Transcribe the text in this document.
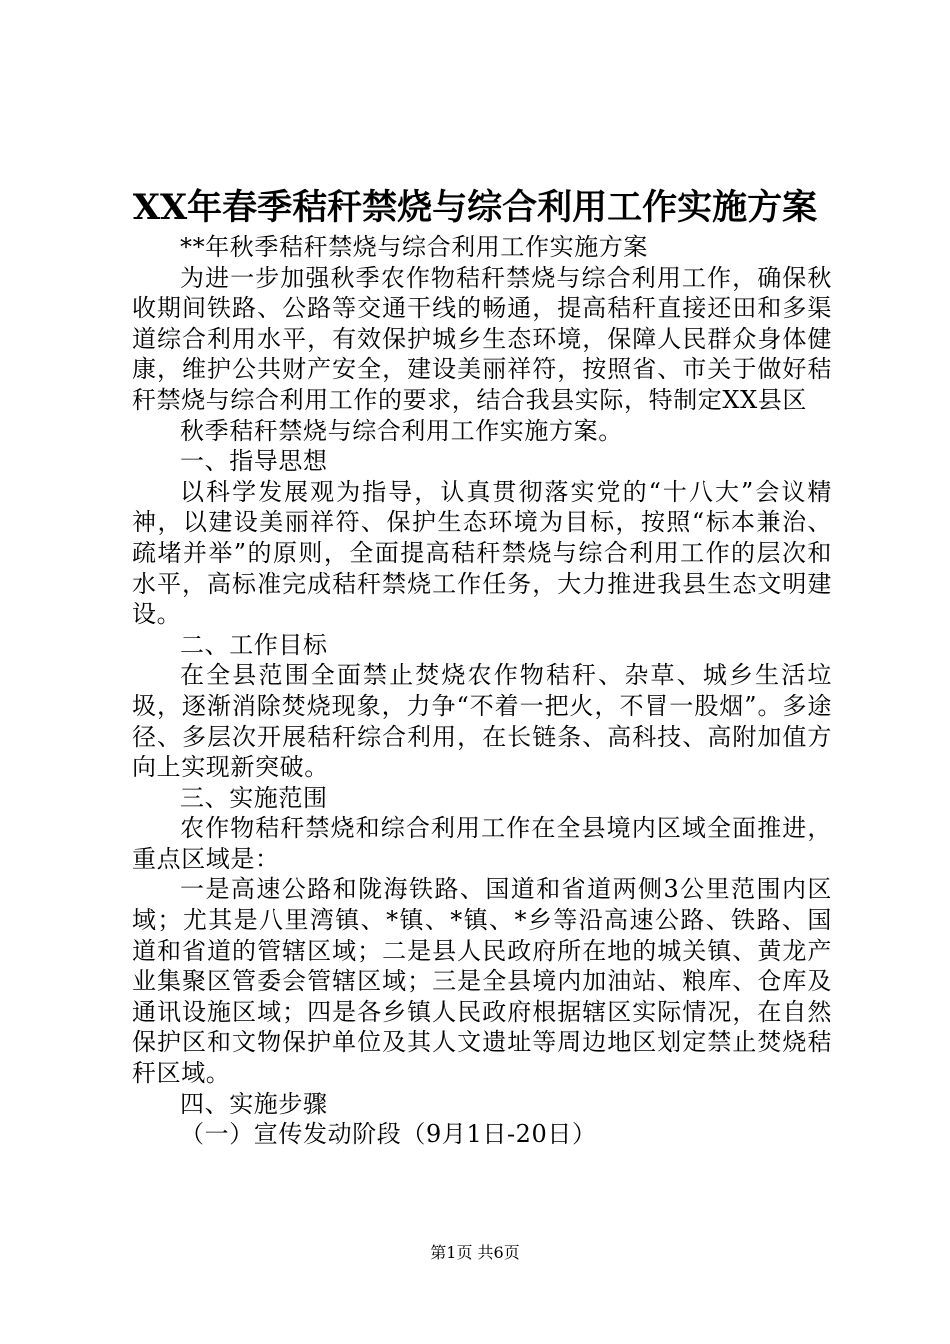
XX年春季秸秆禁烧与综合利用工作实施方案

**年秋季秸秆禁烧与综合利用工作实施方案

为进一步加强秋季农作物秸秆禁烧与综合利用工作，确保秋收期间铁路、公路等交通干线的畅通，提高秸秆直接还田和多渠道综合利用水平，有效保护城乡生态环境，保障人民群众身体健康，维护公共财产安全，建设美丽祥符，按照省、市关于做好秸秆禁烧与综合利用工作的要求，结合我县实际，特制定XX县区

秋季秸秆禁烧与综合利用工作实施方案。

一、指导思想

以科学发展观为指导，认真贯彻落实党的“十八大”会议精神，以建设美丽祥符、保护生态环境为目标，按照“标本兼治、疏堵并举”的原则，全面提高秸秆禁烧与综合利用工作的层次和水平，高标准完成秸秆禁烧工作任务，大力推进我县生态文明建设。

二、工作目标

在全县范围全面禁止焚烧农作物秸秆、杂草、城乡生活垃圾，逐渐消除焚烧现象，力争“不着一把火，不冒一股烟”。多途径、多层次开展秸秆综合利用，在长链条、高科技、高附加值方向上实现新突破。

三、实施范围

农作物秸秆禁烧和综合利用工作在全县境内区域全面推进，重点区域是：

一是高速公路和陇海铁路、国道和省道两侧3公里范围内区域；尤其是八里湾镇、*镇、*镇、*乡等沿高速公路、铁路、国道和省道的管辖区域；二是县人民政府所在地的城关镇、黄龙产业集聚区管委会管辖区域；三是全县境内加油站、粮库、仓库及通讯设施区域；四是各乡镇人民政府根据辖区实际情况，在自然保护区和文物保护单位及其人文遗址等周边地区划定禁止焚烧秸秆区域。

四、实施步骤

（一）宣传发动阶段（9月1日-20日）

第1页 共6页
